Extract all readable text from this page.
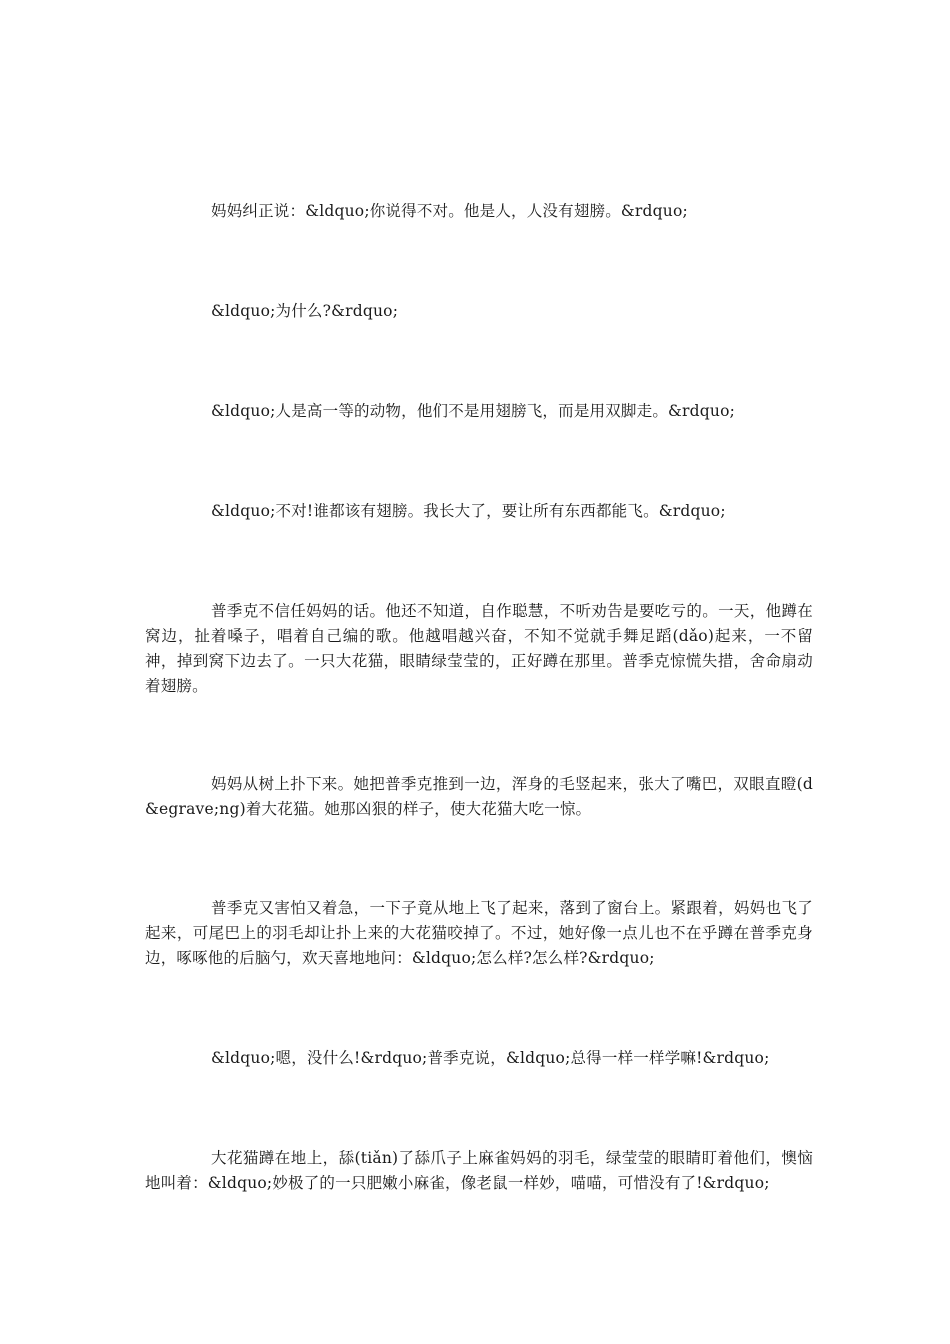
妈妈纠正说：&ldquo;你说得不对。他是人，人没有翅膀。&rdquo;

&ldquo;为什么?&rdquo;

&ldquo;人是高一等的动物，他们不是用翅膀飞，而是用双脚走。&rdquo;

&ldquo;不对!谁都该有翅膀。我长大了，要让所有东西都能飞。&rdquo;

普季克不信任妈妈的话。他还不知道，自作聪慧，不听劝告是要吃亏的。一天，他蹲在窝边，扯着嗓子，唱着自己编的歌。他越唱越兴奋，不知不觉就手舞足蹈(dǎo)起来，一不留神，掉到窝下边去了。一只大花猫，眼睛绿莹莹的，正好蹲在那里。普季克惊慌失措，舍命扇动着翅膀。

妈妈从树上扑下来。她把普季克推到一边，浑身的毛竖起来，张大了嘴巴，双眼直瞪(d&egrave;ng)着大花猫。她那凶狠的样子，使大花猫大吃一惊。

普季克又害怕又着急，一下子竟从地上飞了起来，落到了窗台上。紧跟着，妈妈也飞了起来，可尾巴上的羽毛却让扑上来的大花猫咬掉了。不过，她好像一点儿也不在乎蹲在普季克身边，啄啄他的后脑勺，欢天喜地地问：&ldquo;怎么样?怎么样?&rdquo;

&ldquo;嗯，没什么!&rdquo;普季克说，&ldquo;总得一样一样学嘛!&rdquo;

大花猫蹲在地上，舔(tiǎn)了舔爪子上麻雀妈妈的羽毛，绿莹莹的眼睛盯着他们，懊恼地叫着：&ldquo;妙极了的一只肥嫩小麻雀，像老鼠一样妙，喵喵，可惜没有了!&rdquo;
